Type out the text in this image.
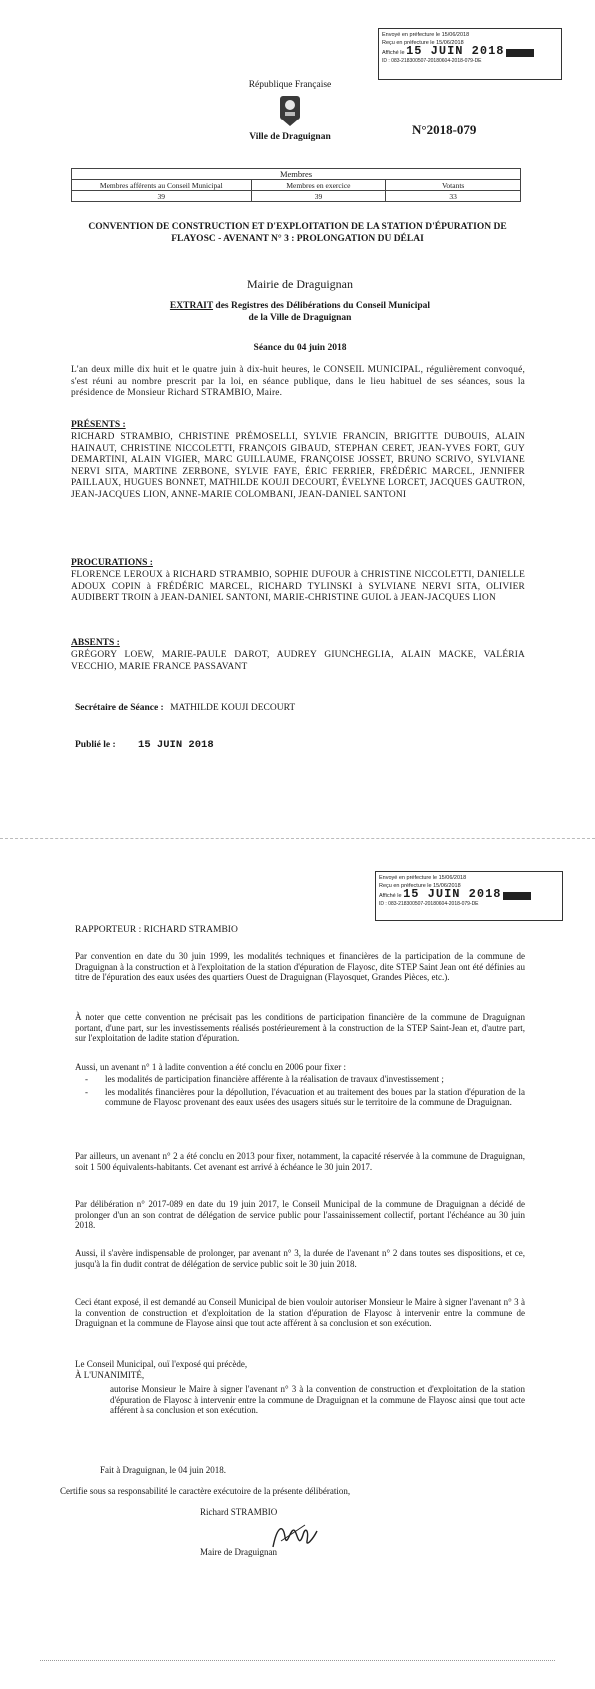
Envoyé en préfecture le 15/06/2018
Reçu en préfecture le 15/06/2018
Affiché le 15 JUIN 2018
ID : 083-218300507-20180604-2018-079-DE
République Française
Ville de Draguignan	N°2018-079
Membres		
Membres afférents au Conseil Municipal	Membres en exercice	Votants
39	39	33
CONVENTION DE CONSTRUCTION ET D'EXPLOITATION DE LA STATION D'ÉPURATION DE FLAYOSC - AVENANT N° 3 : PROLONGATION DU DÉLAI
Mairie de Draguignan
EXTRAIT des Registres des Délibérations du Conseil Municipal
de la Ville de Draguignan
Séance du 04 juin 2018
L'an deux mille dix huit et le quatre juin à dix-huit heures, le CONSEIL MUNICIPAL, régulièrement convoqué, s'est réuni au nombre prescrit par la loi, en séance publique, dans le lieu habituel de ses séances, sous la présidence de Monsieur Richard STRAMBIO, Maire.
PRÉSENTS :
RICHARD STRAMBIO, CHRISTINE PRÉMOSELLI, SYLVIE FRANCIN, BRIGITTE DUBOUIS, ALAIN HAINAUT, CHRISTINE NICCOLETTI, FRANÇOIS GIBAUD, STEPHAN CERET, JEAN-YVES FORT, GUY DEMARTINI, ALAIN VIGIER, MARC GUILLAUME, FRANÇOISE JOSSET, BRUNO SCRIVO, SYLVIANE NERVI SITA, MARTINE ZERBONE, SYLVIE FAYE, ÉRIC FERRIER, FRÉDÉRIC MARCEL, JENNIFER PAILLAUX, HUGUES BONNET, MATHILDE KOUJI DECOURT, ÉVELYNE LORCET, JACQUES GAUTRON, JEAN-JACQUES LION, ANNE-MARIE COLOMBANI, JEAN-DANIEL SANTONI
PROCURATIONS :
FLORENCE LEROUX à RICHARD STRAMBIO, SOPHIE DUFOUR à CHRISTINE NICCOLETTI, DANIELLE ADOUX COPIN à FRÉDÉRIC MARCEL, RICHARD TYLINSKI à SYLVIANE NERVI SITA, OLIVIER AUDIBERT TROIN à JEAN-DANIEL SANTONI, MARIE-CHRISTINE GUIOL à JEAN-JACQUES LION
ABSENTS :
GRÉGORY LOEW, MARIE-PAULE DAROT, AUDREY GIUNCHEGLIA, ALAIN MACKE, VALÉRIA VECCHIO, MARIE FRANCE PASSAVANT
Secrétaire de Séance : MATHILDE KOUJI DECOURT
Publié le : 15 JUIN 2018
Envoyé en préfecture le 15/06/2018
Reçu en préfecture le 15/06/2018
Affiché le 15 JUIN 2018
ID : 083-218300507-20180604-2018-079-DE
RAPPORTEUR : RICHARD STRAMBIO
Par convention en date du 30 juin 1999, les modalités techniques et financières de la participation de la commune de Draguignan à la construction et à l'exploitation de la station d'épuration de Flayosc, dite STEP Saint Jean ont été définies au titre de l'épuration des eaux usées des quartiers Ouest de Draguignan (Flayosquet, Grandes Pièces, etc.).
À noter que cette convention ne précisait pas les conditions de participation financière de la commune de Draguignan portant, d'une part, sur les investissements réalisés postérieurement à la construction de la STEP Saint-Jean et, d'autre part, sur l'exploitation de ladite station d'épuration.
Aussi, un avenant n° 1 à ladite convention a été conclu en 2006 pour fixer :
- les modalités de participation financière afférente à la réalisation de travaux d'investissement ;
- les modalités financières pour la dépollution, l'évacuation et au traitement des boues par la station d'épuration de la commune de Flayosc provenant des eaux usées des usagers situés sur le territoire de la commune de Draguignan.
Par ailleurs, un avenant n° 2 a été conclu en 2013 pour fixer, notamment, la capacité réservée à la commune de Draguignan, soit 1 500 équivalents-habitants. Cet avenant est arrivé à échéance le 30 juin 2017.
Par délibération n° 2017-089 en date du 19 juin 2017, le Conseil Municipal de la commune de Draguignan a décidé de prolonger d'un an son contrat de délégation de service public pour l'assainissement collectif, portant l'échéance au 30 juin 2018.
Aussi, il s'avère indispensable de prolonger, par avenant n° 3, la durée de l'avenant n° 2 dans toutes ses dispositions, et ce, jusqu'à la fin dudit contrat de délégation de service public soit le 30 juin 2018.
Ceci étant exposé, il est demandé au Conseil Municipal de bien vouloir autoriser Monsieur le Maire à signer l'avenant n° 3 à la convention de construction et d'exploitation de la station d'épuration de Flayosc à intervenir entre la commune de Draguignan et la commune de Flayose ainsi que tout acte afférent à sa conclusion et son exécution.
Le Conseil Municipal, ouï l'exposé qui précède,
À L'UNANIMITÉ,
autorise Monsieur le Maire à signer l'avenant n° 3 à la convention de construction et d'exploitation de la station d'épuration de Flayosc à intervenir entre la commune de Draguignan et la commune de Flayosc ainsi que tout acte afférent à sa conclusion et son exécution.
Fait à Draguignan, le 04 juin 2018.
Certifie sous sa responsabilité le caractère exécutoire de la présente délibération,
Richard STRAMBIO
Maire de Draguignan
